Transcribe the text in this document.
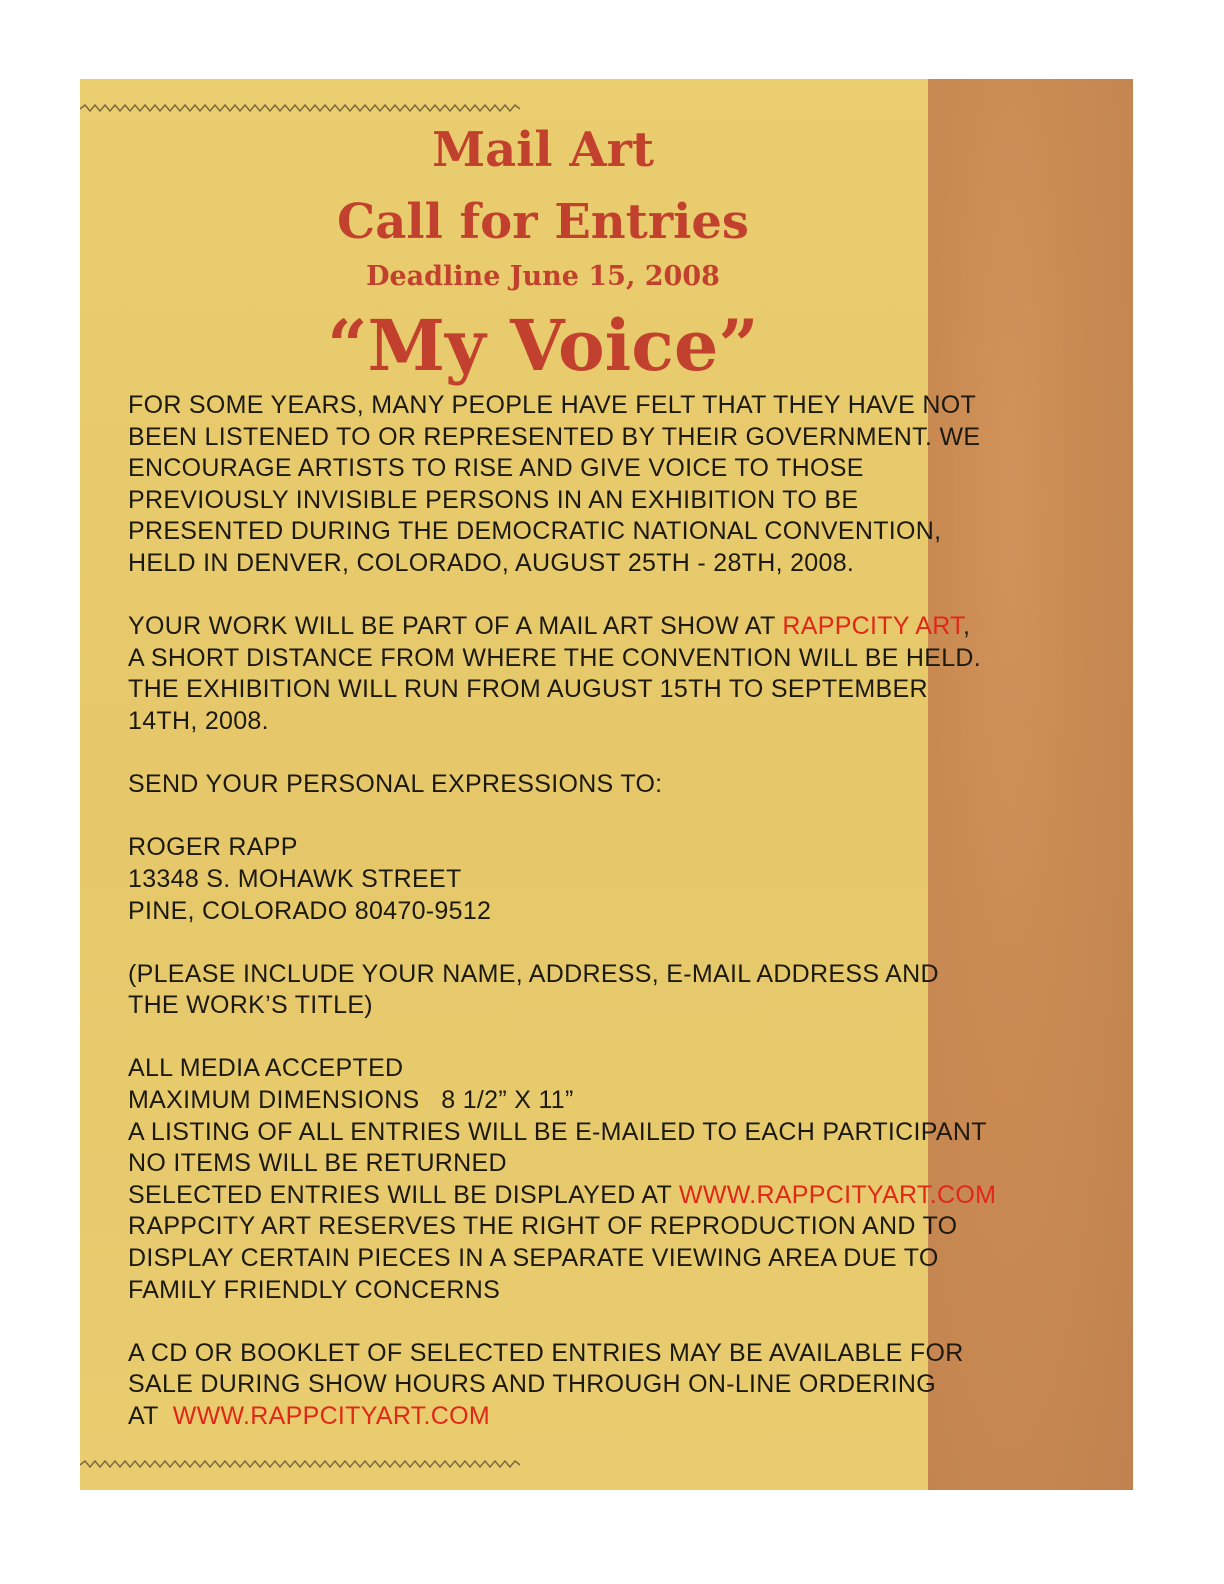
Mail Art
Call for Entries
Deadline June 15, 2008
“My Voice”
FOR SOME YEARS, MANY PEOPLE HAVE FELT THAT THEY HAVE NOT
BEEN LISTENED TO OR REPRESENTED BY THEIR GOVERNMENT. WE
ENCOURAGE ARTISTS TO RISE AND GIVE VOICE TO THOSE
PREVIOUSLY INVISIBLE PERSONS IN AN EXHIBITION TO BE
PRESENTED DURING THE DEMOCRATIC NATIONAL CONVENTION,
HELD IN DENVER, COLORADO, AUGUST 25TH - 28TH, 2008.
YOUR WORK WILL BE PART OF A MAIL ART SHOW AT RAPPCITY ART,
A SHORT DISTANCE FROM WHERE THE CONVENTION WILL BE HELD.
THE EXHIBITION WILL RUN FROM AUGUST 15TH TO SEPTEMBER
14TH, 2008.
SEND YOUR PERSONAL EXPRESSIONS TO:
ROGER RAPP
13348 S. MOHAWK STREET
PINE, COLORADO 80470-9512
(PLEASE INCLUDE YOUR NAME, ADDRESS, E-MAIL ADDRESS AND
THE WORK’S TITLE)
ALL MEDIA ACCEPTED
MAXIMUM DIMENSIONS   8 1/2” X 11”
A LISTING OF ALL ENTRIES WILL BE E-MAILED TO EACH PARTICIPANT
NO ITEMS WILL BE RETURNED
SELECTED ENTRIES WILL BE DISPLAYED AT WWW.RAPPCITYART.COM
RAPPCITY ART RESERVES THE RIGHT OF REPRODUCTION AND TO
DISPLAY CERTAIN PIECES IN A SEPARATE VIEWING AREA DUE TO
FAMILY FRIENDLY CONCERNS
A CD OR BOOKLET OF SELECTED ENTRIES MAY BE AVAILABLE FOR
SALE DURING SHOW HOURS AND THROUGH ON-LINE ORDERING
AT  WWW.RAPPCITYART.COM
